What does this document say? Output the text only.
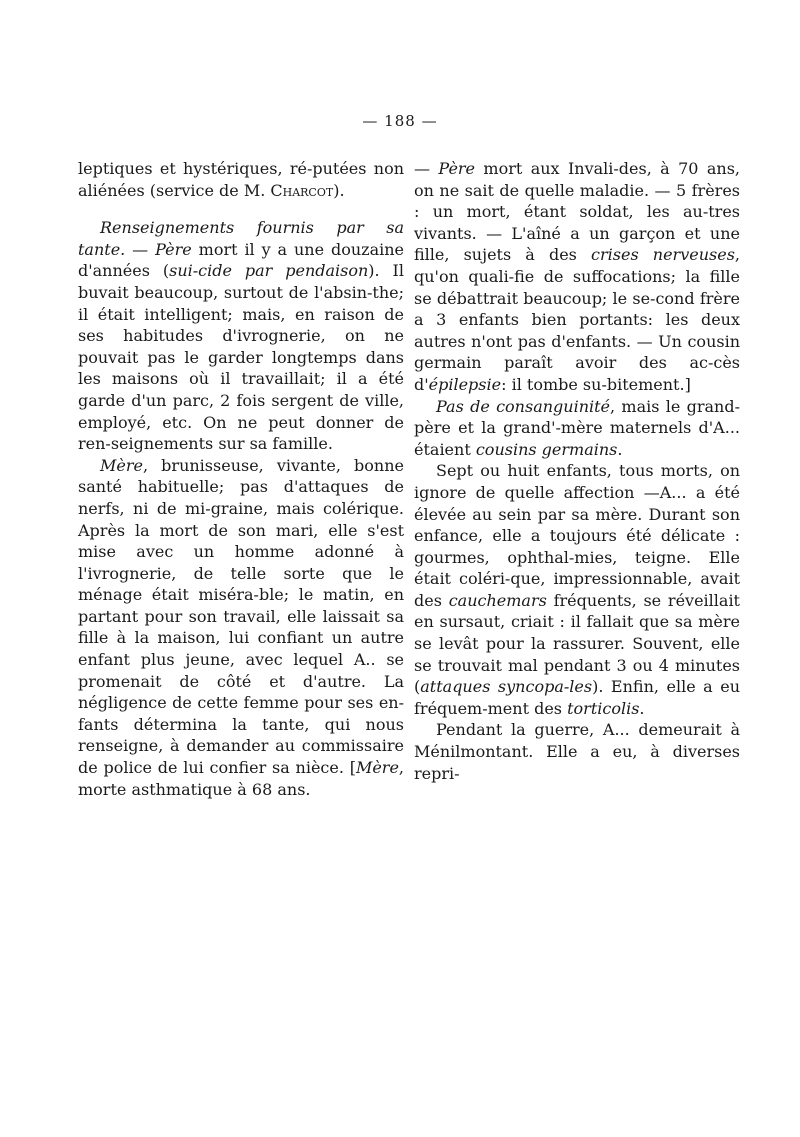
— 188 —

leptiques et hystériques, ré-putées non aliénées (service de M. Charcot).

Renseignements fournis par sa tante. — Père mort il y a une douzaine d'années (sui-cide par pendaison). Il buvait beaucoup, surtout de l'absin-the; il était intelligent; mais, en raison de ses habitudes d'ivrognerie, on ne pouvait pas le garder longtemps dans les maisons où il travaillait; il a été garde d'un parc, 2 fois sergent de ville, employé, etc. On ne peut donner de ren-seignements sur sa famille.

Mère, brunisseuse, vivante, bonne santé habituelle; pas d'attaques de nerfs, ni de mi-graine, mais colérique. Après la mort de son mari, elle s'est mise avec un homme adonné à l'ivrognerie, de telle sorte que le ménage était miséra-ble; le matin, en partant pour son travail, elle laissait sa fille à la maison, lui confiant un autre enfant plus jeune, avec lequel A.. se promenait de côté et d'autre. La négligence de cette femme pour ses en-fants détermina la tante, qui nous renseigne, à demander au commissaire de police de lui confier sa nièce. [Mère, morte asthmatique à 68 ans.

— Père mort aux Invali-des, à 70 ans, on ne sait de quelle maladie. — 5 frères : un mort, étant soldat, les au-tres vivants. — L'aîné a un garçon et une fille, sujets à des crises nerveuses, qu'on quali-fie de suffocations; la fille se débattrait beaucoup; le se-cond frère a 3 enfants bien portants: les deux autres n'ont pas d'enfants. — Un cousin germain paraît avoir des ac-cès d'épilepsie: il tombe su-bitement.]

Pas de consanguinité, mais le grand-père et la grand'-mère maternels d'A... étaient cousins germains.

Sept ou huit enfants, tous morts, on ignore de quelle affection —A... a été élevée au sein par sa mère. Durant son enfance, elle a toujours été délicate : gourmes, ophthal-mies, teigne. Elle était coléri-que, impressionnable, avait des cauchemars fréquents, se réveillait en sursaut, criait : il fallait que sa mère se levât pour la rassurer. Souvent, elle se trouvait mal pendant 3 ou 4 minutes (attaques syncopa-les). Enfin, elle a eu fréquem-ment des torticolis.

Pendant la guerre, A... demeurait à Ménilmontant. Elle a eu, à diverses repri-
